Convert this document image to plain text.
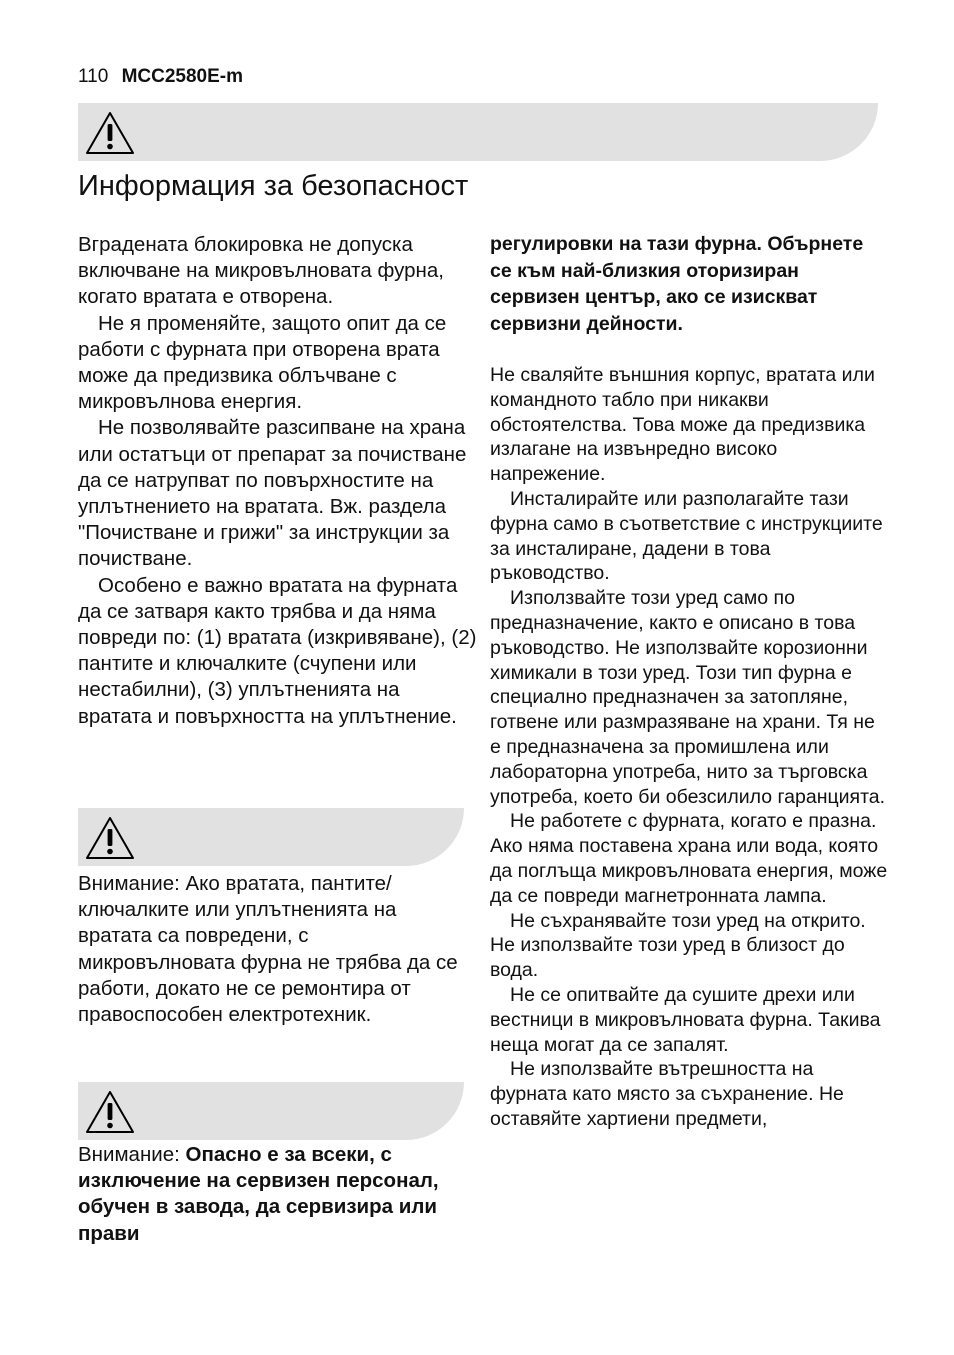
110 MCC2580E-m
Информация за безопасност

Вградената блокировка не допуска включване на микровълновата фурна, когато вратата е отворена.

Не я променяйте, защото опит да се работи с фурната при отворена врата може да предизвика облъчване с микровълнова енергия.

Не позволявайте разсипване на храна или остатъци от препарат за почистване да се натрупват по повърхностите на уплътнението на вратата. Вж. раздела "Почистване и грижи" за инструкции за почистване.

Особено е важно вратата на фурната да се затваря както трябва и да няма повреди по: (1) вратата (изкривяване), (2) пантите и ключалките (счупени или нестабилни), (3) уплътненията на вратата и повърхността на уплътнение.

Внимание: Ако вратата, пантите/ключалките или уплътненията на вратата са повредени, с микровълновата фурна не трябва да се работи, докато не се ремонтира от правоспособен електротехник.

Внимание: Опасно е за всеки, с изключение на сервизен персонал, обучен в завода, да сервизира или прави

регулировки на тази фурна. Обърнете се към най-близкия оторизиран сервизен център, ако се изискват сервизни дейности.

Не сваляйте външния корпус, вратата или командното табло при никакви обстоятелства. Това може да предизвика излагане на извънредно високо напрежение.

Инсталирайте или разполагайте тази фурна само в съответствие с инструкциите за инсталиране, дадени в това ръководство.

Използвайте този уред само по предназначение, както е описано в това ръководство. Не използвайте корозионни химикали в този уред. Този тип фурна е специално предназначен за затопляне, готвене или размразяване на храни. Тя не е предназначена за промишлена или лабораторна употреба, нито за търговска употреба, което би обезсилило гаранцията.

Не работете с фурната, когато е празна. Ако няма поставена храна или вода, която да поглъща микровълновата енергия, може да се повреди магнетронната лампа.

Не съхранявайте този уред на открито. Не използвайте този уред в близост до вода.

Не се опитвайте да сушите дрехи или вестници в микровълновата фурна. Такива неща могат да се запалят.

Не използвайте вътрешността на фурната като място за съхранение. Не оставяйте хартиени предмети,
